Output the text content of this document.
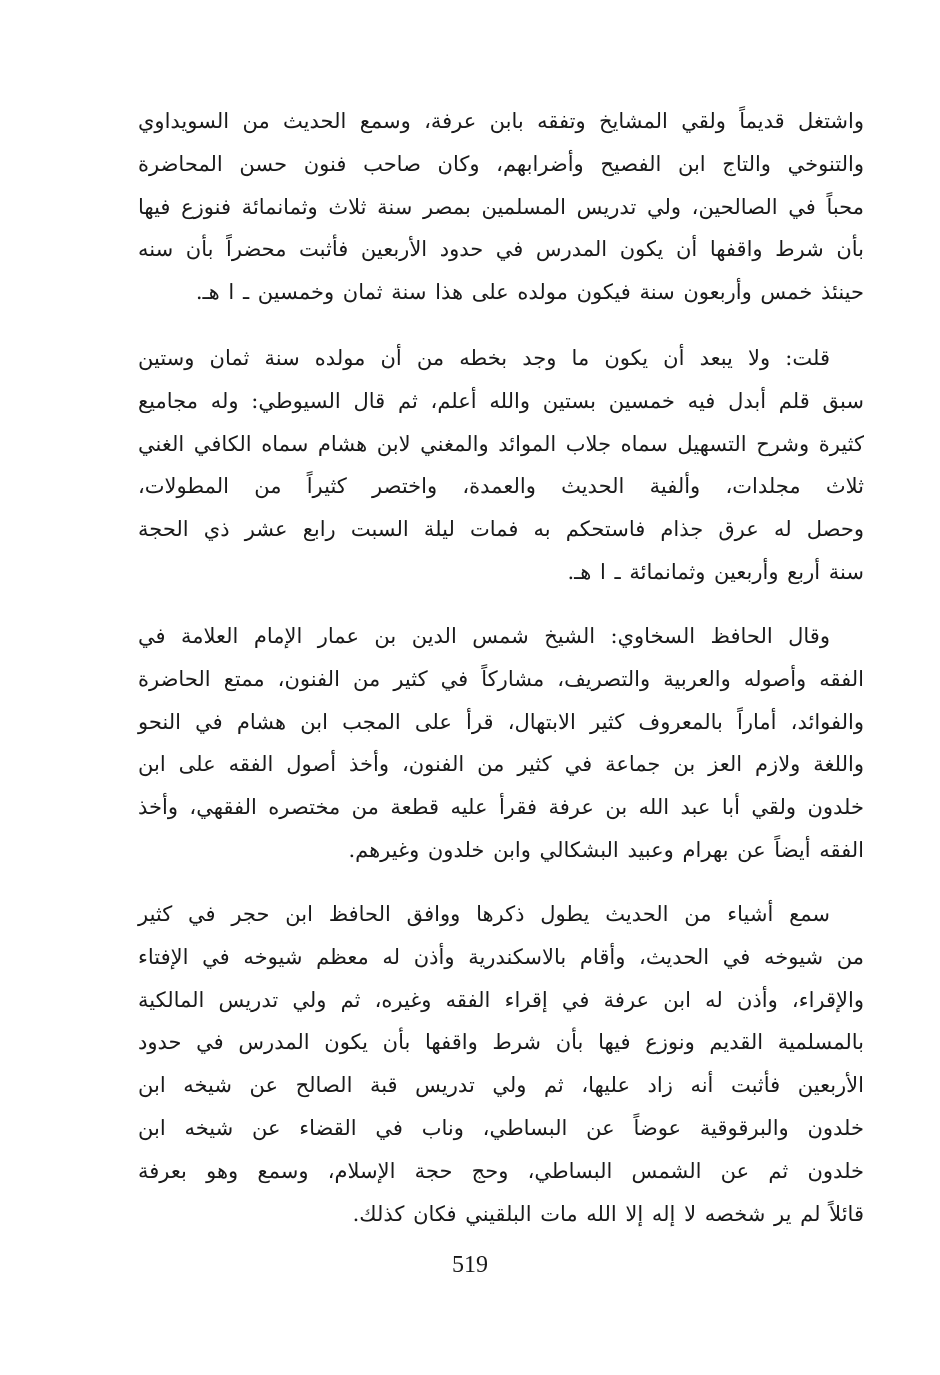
واشتغل قديماً ولقي المشايخ وتفقه بابن عرفة، وسمع الحديث من السويداوي
والتنوخي والتاج ابن الفصيح وأضرابهم، وكان صاحب فنون حسن المحاضرة
محباً في الصالحين، ولي تدريس المسلمين بمصر سنة ثلاث وثمانمائة فنوزع فيها
بأن شرط واقفها أن يكون المدرس في حدود الأربعين فأثبت محضراً بأن سنه
حينئذ خمس وأربعون سنة فيكون مولده على هذا سنة ثمان وخمسين ـ ا هـ.
قلت: ولا يبعد أن يكون ما وجد بخطه من أن مولده سنة ثمان وستين
سبق قلم أبدل فيه خمسين بستين والله أعلم، ثم قال السيوطي: وله مجاميع
كثيرة وشرح التسهيل سماه جلاب الموائد والمغني لابن هشام سماه الكافي الغني
ثلاث مجلدات، وألفية الحديث والعمدة، واختصر كثيراً من المطولات،
وحصل له عرق جذام فاستحكم به فمات ليلة السبت رابع عشر ذي الحجة
سنة أربع وأربعين وثمانمائة ـ ا هـ.
وقال الحافظ السخاوي: الشيخ شمس الدين بن عمار الإمام العلامة في
الفقه وأصوله والعربية والتصريف، مشاركاً في كثير من الفنون، ممتع الحاضرة
والفوائد، أماراً بالمعروف كثير الابتهال، قرأ على المجب ابن هشام في النحو
واللغة ولازم العز بن جماعة في كثير من الفنون، وأخذ أصول الفقه على ابن
خلدون ولقي أبا عبد الله بن عرفة فقرأ عليه قطعة من مختصره الفقهي، وأخذ
الفقه أيضاً عن بهرام وعبيد البشكالي وابن خلدون وغيرهم.
سمع أشياء من الحديث يطول ذكرها ووافق الحافظ ابن حجر في كثير
من شيوخه في الحديث، وأقام بالاسكندرية وأذن له معظم شيوخه في الإفتاء
والإقراء، وأذن له ابن عرفة في إقراء الفقه وغيره، ثم ولي تدريس المالكية
بالمسلمية القديم ونوزع فيها بأن شرط واقفها بأن يكون المدرس في حدود
الأربعين فأثبت أنه زاد عليها، ثم ولي تدريس قبة الصالح عن شيخه ابن
خلدون والبرقوقية عوضاً عن البساطي، وناب في القضاء عن شيخه ابن
خلدون ثم عن الشمس البساطي، وحج حجة الإسلام، وسمع وهو بعرفة
قائلاً لم ير شخصه لا إله إلا الله مات البلقيني فكان كذلك.
519
